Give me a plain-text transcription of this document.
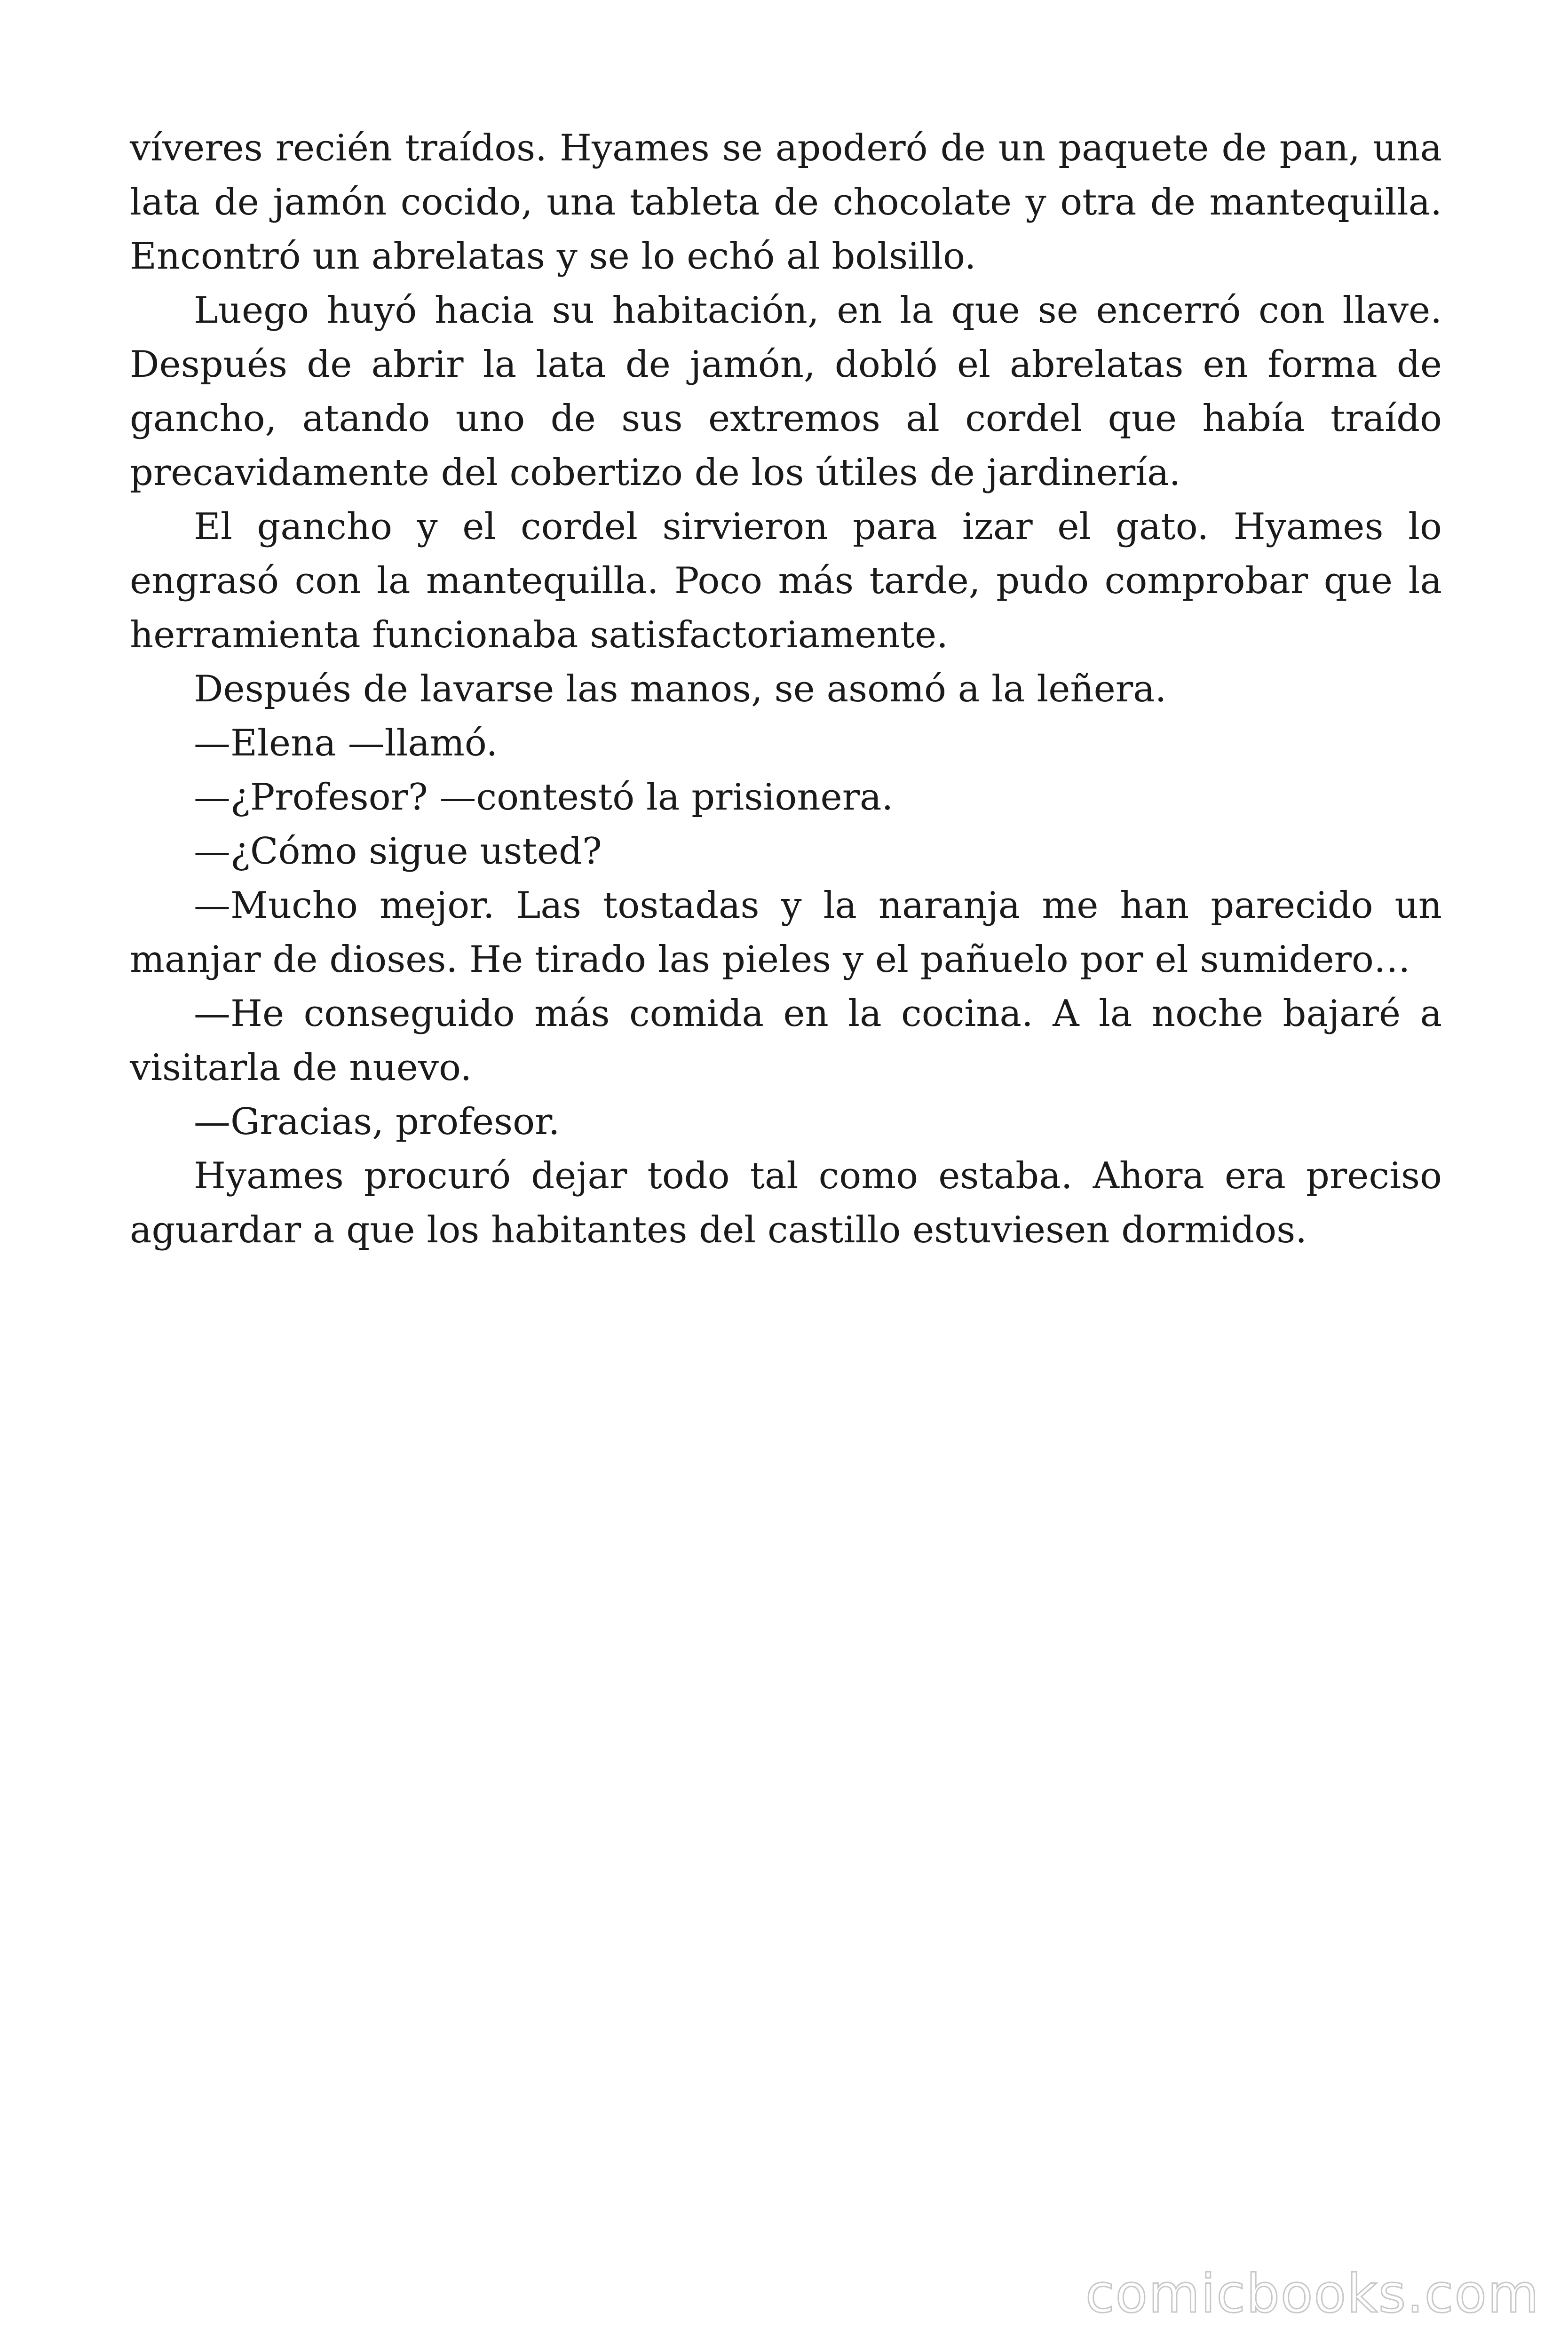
víveres recién traídos. Hyames se apoderó de un paquete de pan, una lata de jamón cocido, una tableta de chocolate y otra de mantequilla. Encontró un abrelatas y se lo echó al bolsillo.

Luego huyó hacia su habitación, en la que se encerró con llave. Después de abrir la lata de jamón, dobló el abrelatas en forma de gancho, atando uno de sus extremos al cordel que había traído precavidamente del cobertizo de los útiles de jardinería.

El gancho y el cordel sirvieron para izar el gato. Hyames lo engrasó con la mantequilla. Poco más tarde, pudo comprobar que la herramienta funcionaba satisfactoriamente.

Después de lavarse las manos, se asomó a la leñera.

—Elena —llamó.

—¿Profesor? —contestó la prisionera.

—¿Cómo sigue usted?

—Mucho mejor. Las tostadas y la naranja me han parecido un manjar de dioses. He tirado las pieles y el pañuelo por el sumidero…

—He conseguido más comida en la cocina. A la noche bajaré a visitarla de nuevo.

—Gracias, profesor.

Hyames procuró dejar todo tal como estaba. Ahora era preciso aguardar a que los habitantes del castillo estuviesen dormidos.

comicbooks.com
